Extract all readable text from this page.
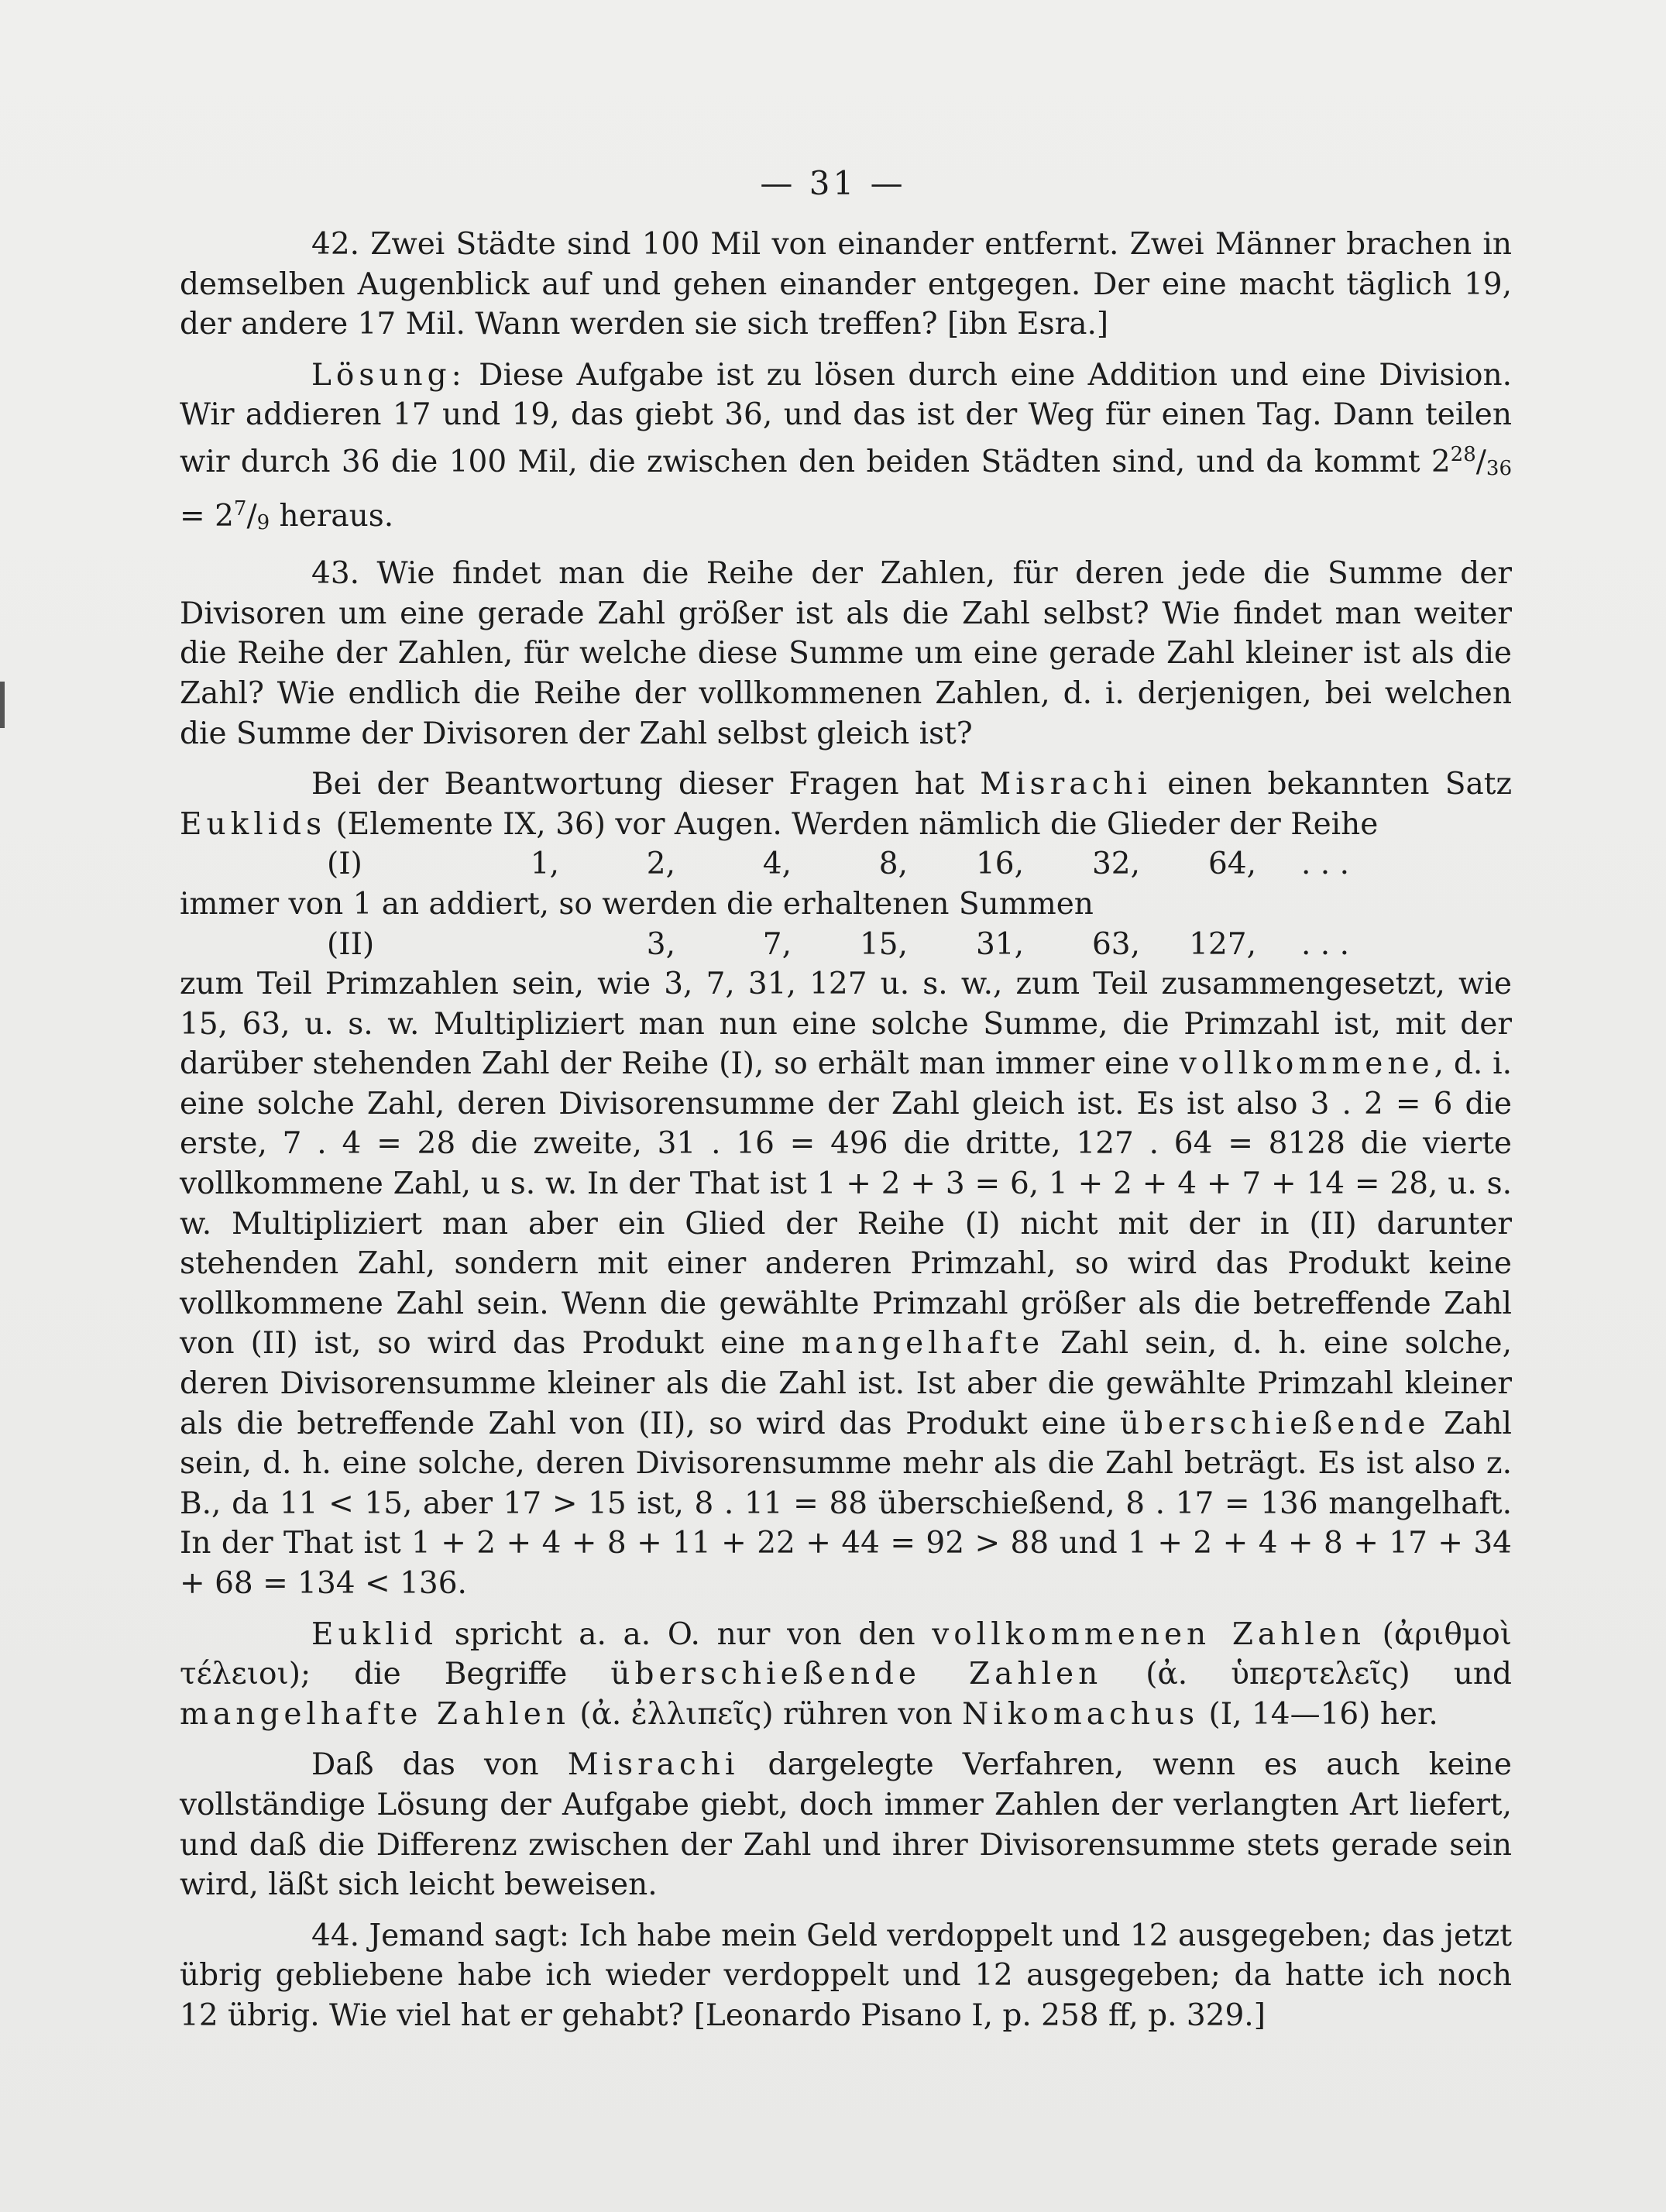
— 31 —

42. Zwei Städte sind 100 Mil von einander entfernt. Zwei Männer brachen in demselben Augenblick auf und gehen einander entgegen. Der eine macht täglich 19, der andere 17 Mil. Wann werden sie sich treffen? [ibn Esra.]

Lösung: Diese Aufgabe ist zu lösen durch eine Addition und eine Division. Wir addieren 17 und 19, das giebt 36, und das ist der Weg für einen Tag. Dann teilen wir durch 36 die 100 Mil, die zwischen den beiden Städten sind, und da kommt $2^{28}/_{36} = 2^7/_9$ heraus.

43. Wie findet man die Reihe der Zahlen, für deren jede die Summe der Divisoren um eine gerade Zahl größer ist als die Zahl selbst? Wie findet man weiter die Reihe der Zahlen, für welche diese Summe um eine gerade Zahl kleiner ist als die Zahl? Wie endlich die Reihe der vollkommenen Zahlen, d. i. derjenigen, bei welchen die Summe der Divisoren der Zahl selbst gleich ist?

Bei der Beantwortung dieser Fragen hat Misrachi einen bekannten Satz Euklids (Elemente IX, 36) vor Augen. Werden nämlich die Glieder der Reihe

(I)	1,	2,	4,	8,	16,	32,	64,	. . .

immer von 1 an addiert, so werden die erhaltenen Summen

(II)	3,	7,	15,	31,	63,	127,	. . .

zum Teil Primzahlen sein, wie 3, 7, 31, 127 u. s. w., zum Teil zusammengesetzt, wie 15, 63, u. s. w. Multipliziert man nun eine solche Summe, die Primzahl ist, mit der darüber stehenden Zahl der Reihe (I), so erhält man immer eine vollkommene, d. i. eine solche Zahl, deren Divisorensumme der Zahl gleich ist. Es ist also 3 . 2 = 6 die erste, 7 . 4 = 28 die zweite, 31 . 16 = 496 die dritte, 127 . 64 = 8128 die vierte vollkommene Zahl, u s. w. In der That ist 1 + 2 + 3 = 6, 1 + 2 + 4 + 7 + 14 = 28, u. s. w. Multipliziert man aber ein Glied der Reihe (I) nicht mit der in (II) darunter stehenden Zahl, sondern mit einer anderen Primzahl, so wird das Produkt keine vollkommene Zahl sein. Wenn die gewählte Primzahl größer als die betreffende Zahl von (II) ist, so wird das Produkt eine mangelhafte Zahl sein, d. h. eine solche, deren Divisorensumme kleiner als die Zahl ist. Ist aber die gewählte Primzahl kleiner als die betreffende Zahl von (II), so wird das Produkt eine überschießende Zahl sein, d. h. eine solche, deren Divisorensumme mehr als die Zahl beträgt. Es ist also z. B., da 11 < 15, aber 17 > 15 ist, 8 . 11 = 88 überschießend, 8 . 17 = 136 mangelhaft. In der That ist 1 + 2 + 4 + 8 + 11 + 22 + 44 = 92 > 88 und 1 + 2 + 4 + 8 + 17 + 34 + 68 = 134 < 136.

Euklid spricht a. a. O. nur von den vollkommenen Zahlen (ἀριθμοὶ τέλειοι); die Begriffe überschießende Zahlen (ἀ. ὑπερτελεῖς) und mangelhafte Zahlen (ἀ. ἐλλιπεῖς) rühren von Nikomachus (I, 14—16) her.

Daß das von Misrachi dargelegte Verfahren, wenn es auch keine vollständige Lösung der Aufgabe giebt, doch immer Zahlen der verlangten Art liefert, und daß die Differenz zwischen der Zahl und ihrer Divisorensumme stets gerade sein wird, läßt sich leicht beweisen.

44. Jemand sagt: Ich habe mein Geld verdoppelt und 12 ausgegeben; das jetzt übrig gebliebene habe ich wieder verdoppelt und 12 ausgegeben; da hatte ich noch 12 übrig. Wie viel hat er gehabt? [Leonardo Pisano I, p. 258 ff, p. 329.]
